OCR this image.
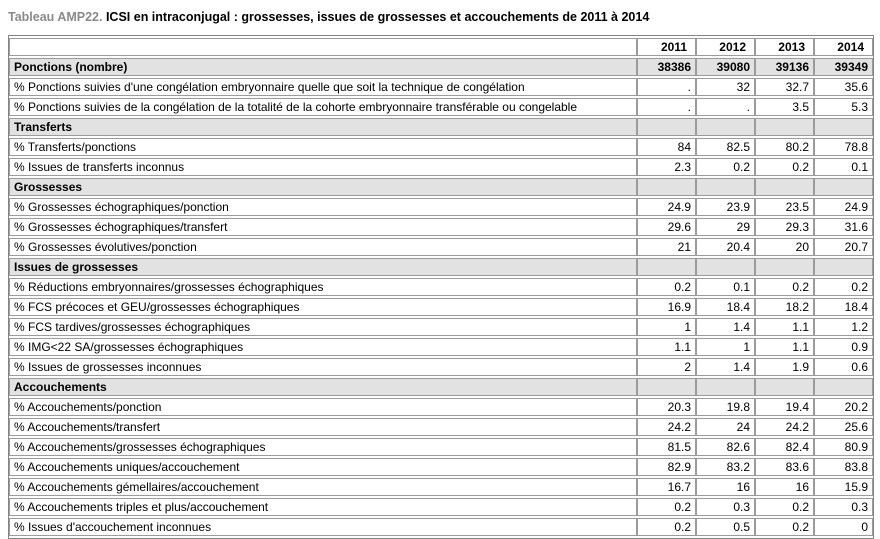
Tableau AMP22. ICSI en intraconjugal : grossesses, issues de grossesses et accouchements de 2011 à 2014
	2011	2012	2013	2014
Ponctions (nombre)	38386	39080	39136	39349
% Ponctions suivies d'une congélation embryonnaire quelle que soit la technique de congélation	.	32	32.7	35.6
% Ponctions suivies de la congélation de la totalité de la cohorte embryonnaire transférable ou congelable	.	.	3.5	5.3
Transferts				
% Transferts/ponctions	84	82.5	80.2	78.8
% Issues de transferts inconnus	2.3	0.2	0.2	0.1
Grossesses				
% Grossesses échographiques/ponction	24.9	23.9	23.5	24.9
% Grossesses échographiques/transfert	29.6	29	29.3	31.6
% Grossesses évolutives/ponction	21	20.4	20	20.7
Issues de grossesses				
% Réductions embryonnaires/grossesses échographiques	0.2	0.1	0.2	0.2
% FCS précoces et GEU/grossesses échographiques	16.9	18.4	18.2	18.4
% FCS tardives/grossesses échographiques	1	1.4	1.1	1.2
% IMG<22 SA/grossesses échographiques	1.1	1	1.1	0.9
% Issues de grossesses inconnues	2	1.4	1.9	0.6
Accouchements				
% Accouchements/ponction	20.3	19.8	19.4	20.2
% Accouchements/transfert	24.2	24	24.2	25.6
% Accouchements/grossesses échographiques	81.5	82.6	82.4	80.9
% Accouchements uniques/accouchement	82.9	83.2	83.6	83.8
% Accouchements gémellaires/accouchement	16.7	16	16	15.9
% Accouchements triples et plus/accouchement	0.2	0.3	0.2	0.3
% Issues d'accouchement inconnues	0.2	0.5	0.2	0
